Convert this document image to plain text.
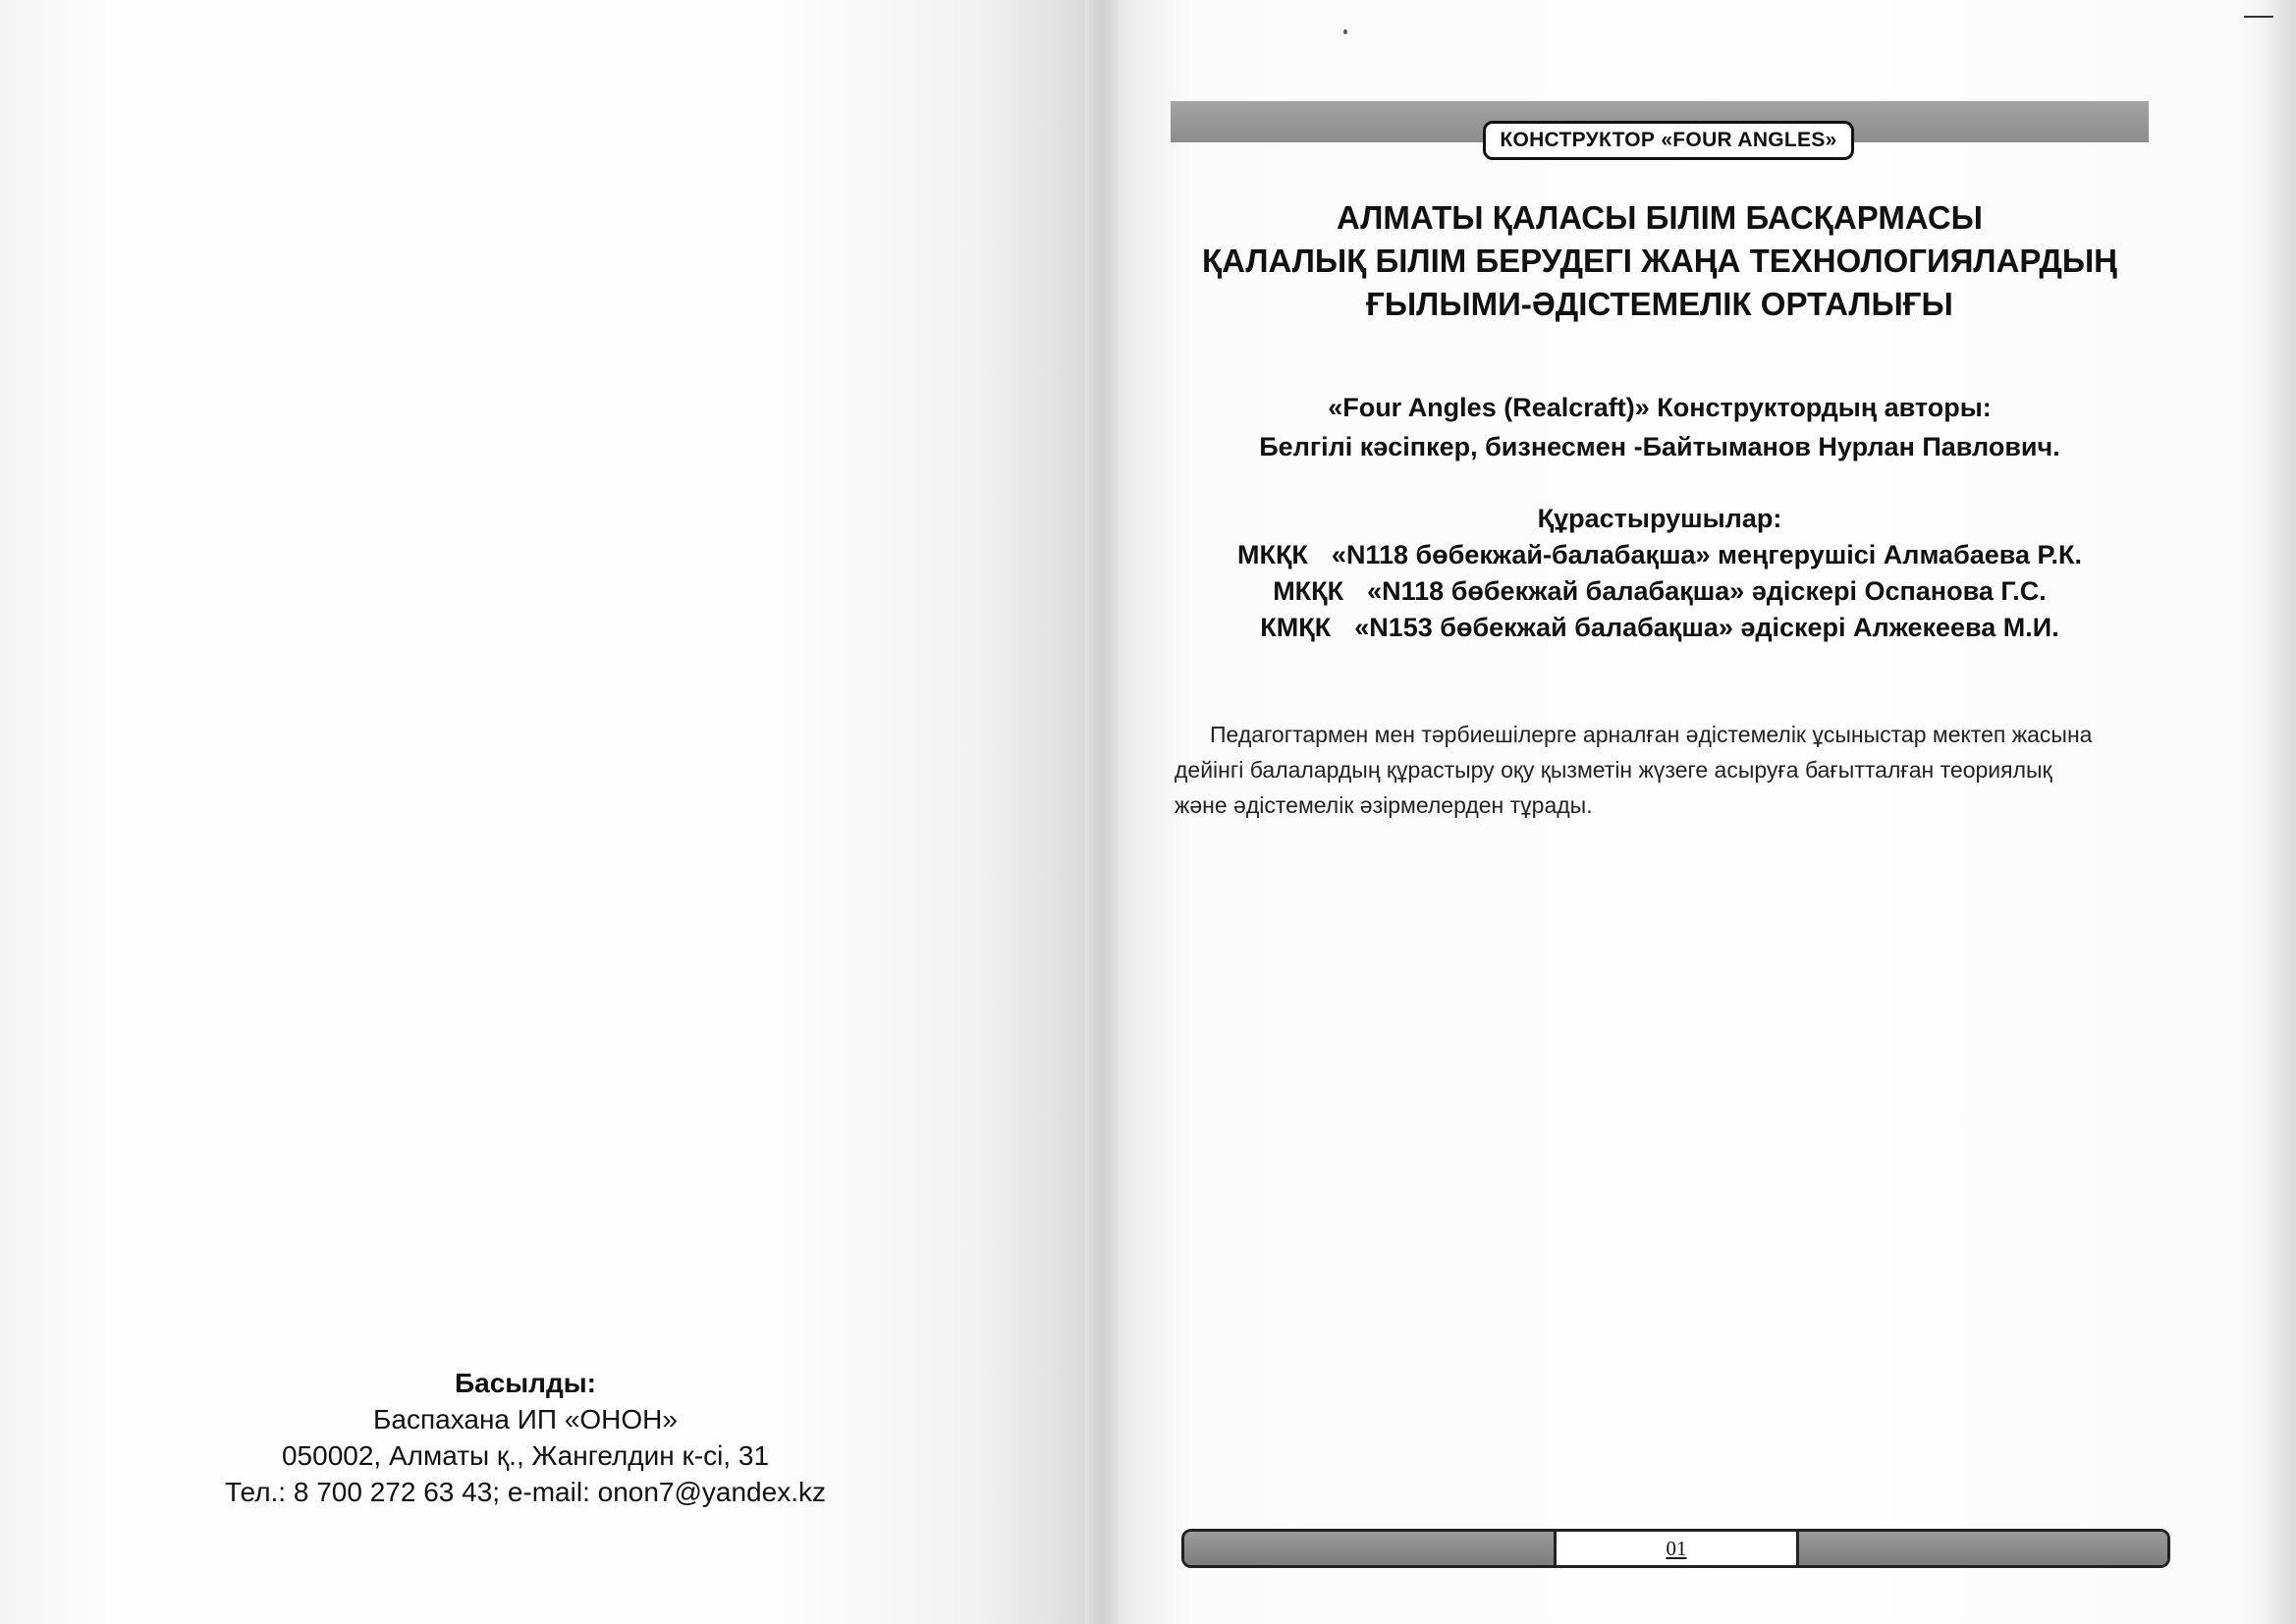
КОНСТРУКТОР «FOUR ANGLES»
АЛМАТЫ ҚАЛАСЫ БІЛІМ БАСҚАРМАСЫ
ҚАЛАЛЫҚ БІЛІМ БЕРУДЕГІ ЖАҢА ТЕХНОЛОГИЯЛАРДЫҢ
ҒЫЛЫМИ-ӘДІСТЕМЕЛІК ОРТАЛЫҒЫ
«Four Angles (Realcraft)» Конструктордың авторы:
Белгілі кәсіпкер, бизнесмен -Байтыманов Нурлан Павлович.
Құрастырушылар:
МКҚК «N118 бөбекжай-балабақша» меңгерушісі Алмабаева Р.К.
МКҚК «N118 бөбекжай балабақша» әдіскері Оспанова Г.С.
КМҚК «N153 бөбекжай балабақша» әдіскері Алжекеева М.И.
Педагогтармен мен тәрбиешілерге арналған әдістемелік ұсыныстар мектеп жасына
дейінгі балалардың құрастыру оқу қызметін жүзеге асыруға бағытталған теориялық
және әдістемелік әзірмелерден тұрады.
01
Басылды:
Баспахана ИП «ОНОН»
050002, Алматы қ., Жангелдин к-сі, 31
Тел.: 8 700 272 63 43; e-mail: onon7@yandex.kz
